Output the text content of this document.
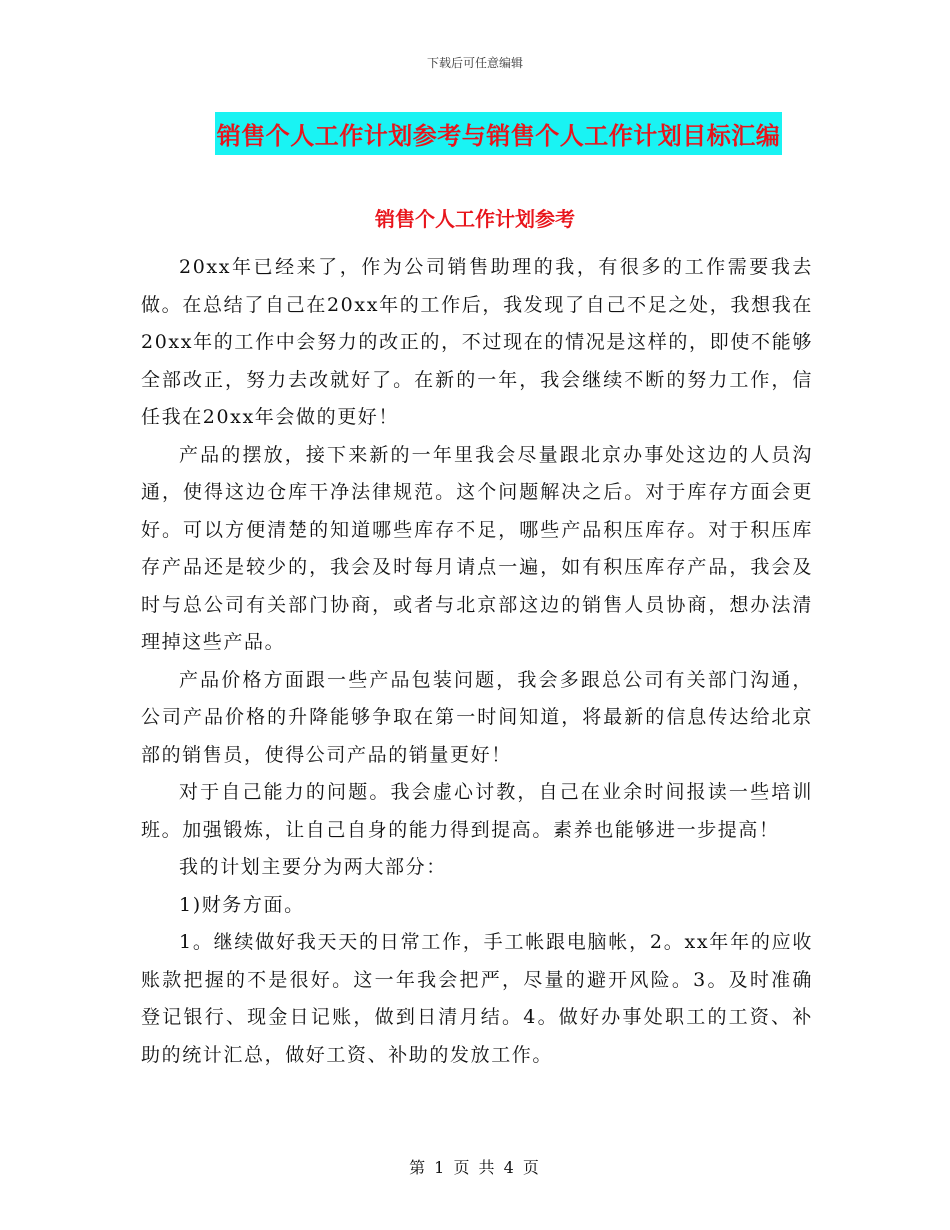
下载后可任意编辑
销售个人工作计划参考与销售个人工作计划目标汇编
销售个人工作计划参考

20xx年已经来了，作为公司销售助理的我，有很多的工作需要我去做。在总结了自己在20xx年的工作后，我发现了自己不足之处，我想我在20xx年的工作中会努力的改正的，不过现在的情况是这样的，即使不能够全部改正，努力去改就好了。在新的一年，我会继续不断的努力工作，信任我在20xx年会做的更好！

产品的摆放，接下来新的一年里我会尽量跟北京办事处这边的人员沟通，使得这边仓库干净法律规范。这个问题解决之后。对于库存方面会更好。可以方便清楚的知道哪些库存不足，哪些产品积压库存。对于积压库存产品还是较少的，我会及时每月请点一遍，如有积压库存产品，我会及时与总公司有关部门协商，或者与北京部这边的销售人员协商，想办法清理掉这些产品。

产品价格方面跟一些产品包装问题，我会多跟总公司有关部门沟通，公司产品价格的升降能够争取在第一时间知道，将最新的信息传达给北京部的销售员，使得公司产品的销量更好！

对于自己能力的问题。我会虚心讨教，自己在业余时间报读一些培训班。加强锻炼，让自己自身的能力得到提高。素养也能够进一步提高！

我的计划主要分为两大部分：

1)财务方面。

1。继续做好我天天的日常工作，手工帐跟电脑帐，2。xx年年的应收账款把握的不是很好。这一年我会把严，尽量的避开风险。3。及时准确登记银行、现金日记账，做到日清月结。4。做好办事处职工的工资、补助的统计汇总，做好工资、补助的发放工作。

第 1 页 共 4 页
